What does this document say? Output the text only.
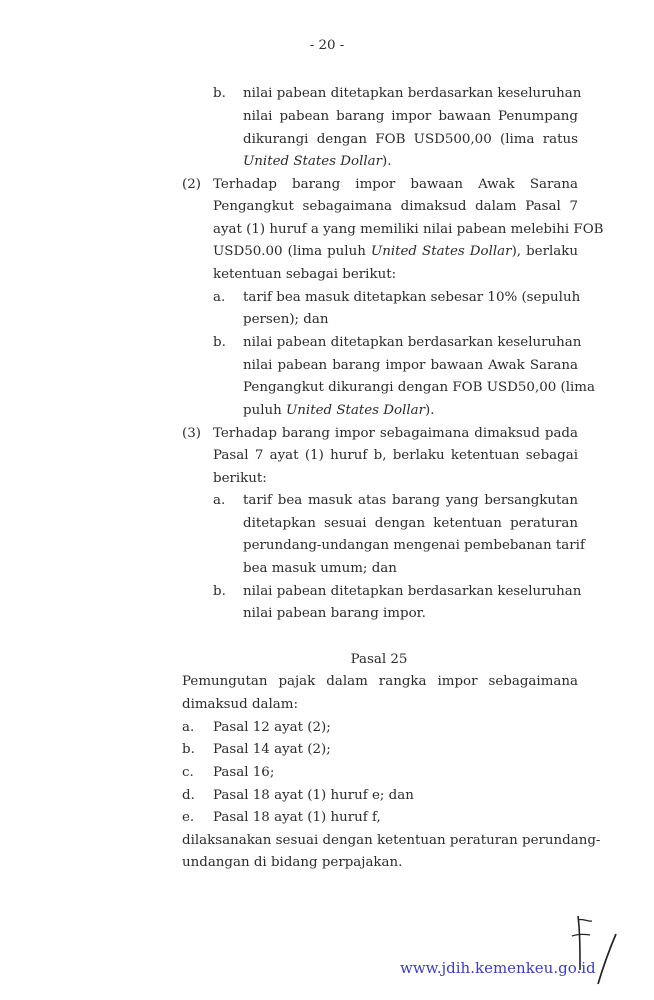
- 20 -
b. nilai pabean ditetapkan berdasarkan keseluruhan
nilai pabean barang impor bawaan Penumpang
dikurangi dengan FOB USD500,00 (lima ratus
United States Dollar).
(2) Terhadap barang impor bawaan Awak Sarana
Pengangkut sebagaimana dimaksud dalam Pasal 7
ayat (1) huruf a yang memiliki nilai pabean melebihi FOB
USD50.00 (lima puluh United States Dollar), berlaku
ketentuan sebagai berikut:
a. tarif bea masuk ditetapkan sebesar 10% (sepuluh
persen); dan
b. nilai pabean ditetapkan berdasarkan keseluruhan
nilai pabean barang impor bawaan Awak Sarana
Pengangkut dikurangi dengan FOB USD50,00 (lima
puluh United States Dollar).
(3) Terhadap barang impor sebagaimana dimaksud pada
Pasal 7 ayat (1) huruf b, berlaku ketentuan sebagai
berikut:
a. tarif bea masuk atas barang yang bersangkutan
ditetapkan sesuai dengan ketentuan peraturan
perundang-undangan mengenai pembebanan tarif
bea masuk umum; dan
b. nilai pabean ditetapkan berdasarkan keseluruhan
nilai pabean barang impor.
Pasal 25
Pemungutan pajak dalam rangka impor sebagaimana
dimaksud dalam:
a. Pasal 12 ayat (2);
b. Pasal 14 ayat (2);
c. Pasal 16;
d. Pasal 18 ayat (1) huruf e; dan
e. Pasal 18 ayat (1) huruf f,
dilaksanakan sesuai dengan ketentuan peraturan perundang-
undangan di bidang perpajakan.
www.jdih.kemenkeu.go.id
